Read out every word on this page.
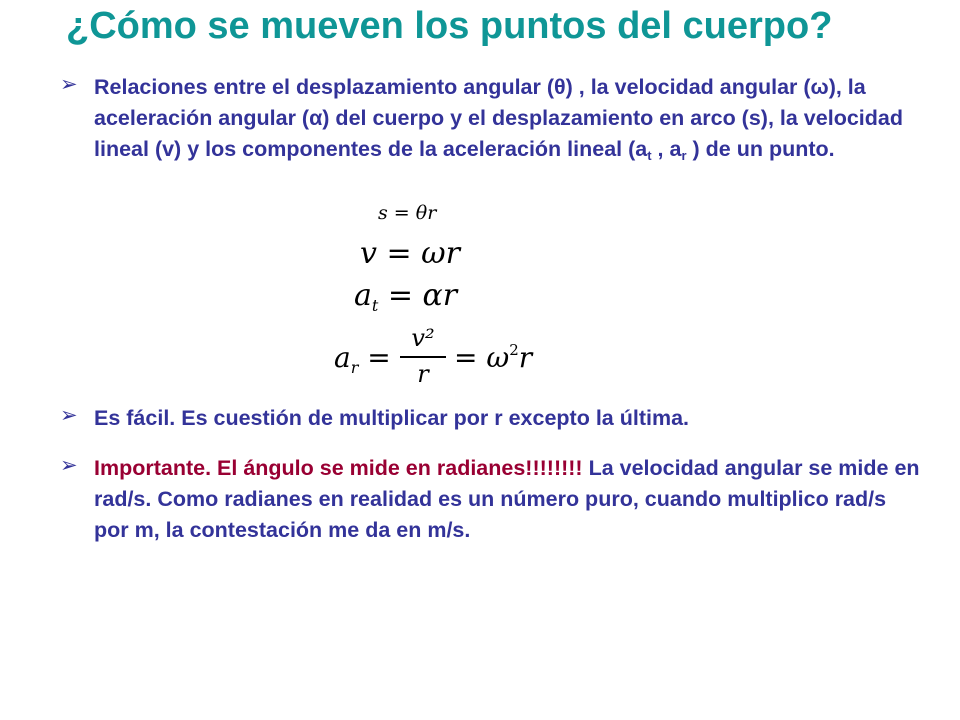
¿Cómo se mueven los puntos del cuerpo?
➢ Relaciones entre el desplazamiento angular (θ) , la velocidad angular (ω), la aceleración angular (α) del cuerpo y el desplazamiento en arco (s), la velocidad lineal (v) y los componentes de la aceleración lineal ($a_t$ , $a_r$ ) de un punto.
s = θr
v = ωr
$a_t = \alpha r$
$a_r$ =
v²
$r = \omega^2r$
➢ Es fácil. Es cuestión de multiplicar por r excepto la última.
➢ Importante. El ángulo se mide en radianes!!!!!!!! La velocidad angular se mide en rad/s. Como radianes en realidad es un número puro, cuando multiplico rad/s por m, la contestación me da en m/s.
